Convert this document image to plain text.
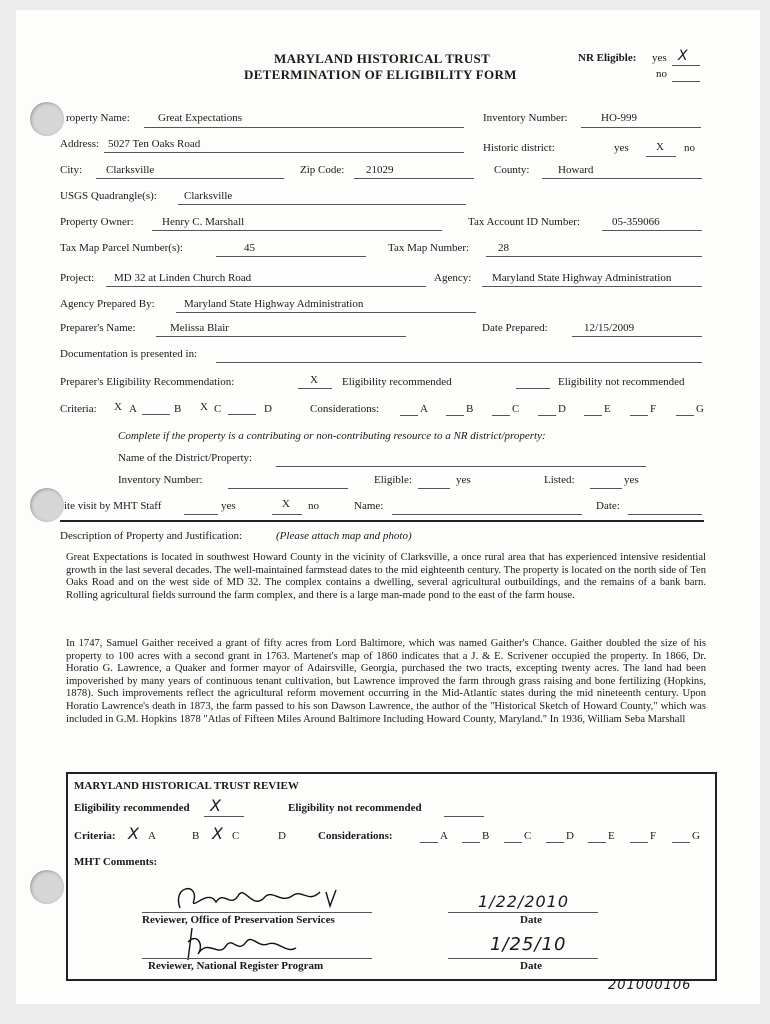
MARYLAND HISTORICAL TRUST
DETERMINATION OF ELIGIBILITY FORM
NR Eligible: yes X
no
roperty Name:	Great Expectations	Inventory Number:	HO-999
Address: 5027 Ten Oaks Road	Historic district:	yes X no
City: Clarksville	Zip Code: 21029	County:	Howard
USGS Quadrangle(s): Clarksville
Property Owner:	Henry C. Marshall	Tax Account ID Number:	05-359066
Tax Map Parcel Number(s):	45	Tax Map Number:	28
Project: MD 32 at Linden Church Road	Agency: Maryland State Highway Administration
Agency Prepared By:	Maryland State Highway Administration
Preparer's Name:	Melissa Blair	Date Prepared:	12/15/2009
Documentation is presented in:
Preparer's Eligibility Recommendation:	X Eligibility recommended	Eligibility not recommended
Criteria: X A	B X C	D	Considerations:	A	B	C	D	E	F	G
Complete if the property is a contributing or non-contributing resource to a NR district/property:
Name of the District/Property:
Inventory Number:	Eligible:	yes	Listed:	yes
ite visit by MHT Staff	yes	X no	Name:	Date:
Description of Property and Justification:	(Please attach map and photo)
Great Expectations is located in southwest Howard County in the vicinity of Clarksville, a once rural area that has experienced intensive residential growth in the last several decades. The well-maintained farmstead dates to the mid eighteenth century. The property is located on the north side of Ten Oaks Road and on the west side of MD 32. The complex contains a dwelling, several agricultural outbuildings, and the remains of a bank barn. Rolling agricultural fields surround the farm complex, and there is a large man-made pond to the east of the farm house.
In 1747, Samuel Gaither received a grant of fifty acres from Lord Baltimore, which was named Gaither's Chance. Gaither doubled the size of his property to 100 acres with a second grant in 1763. Martenet's map of 1860 indicates that a J. & E. Scrivener occupied the property. In 1866, Dr. Horatio G. Lawrence, a Quaker and former mayor of Adairsville, Georgia, purchased the two tracts, excepting twenty acres. The land had been impoverished by many years of continuous tenant cultivation, but Lawrence improved the farm through grass raising and bone fertilizing (Hopkins, 1878). Such improvements reflect the agricultural reform movement occurring in the Mid-Atlantic states during the mid nineteenth century. Upon Horatio Lawrence's death in 1873, the farm passed to his son Dawson Lawrence, the author of the "Historical Sketch of Howard County," which was included in G.M. Hopkins 1878 "Atlas of Fifteen Miles Around Baltimore Including Howard County, Maryland." In 1936, William Seba Marshall
MARYLAND HISTORICAL TRUST REVIEW
Eligibility recommended X	Eligibility not recommended
Criteria: X A	B X C	D	Considerations:	A	B	C	D	E	F	G
MHT Comments:
Reviewer, Office of Preservation Services
1/22/2010
Date
Reviewer, National Register Program
1/25/10
Date
201000106
